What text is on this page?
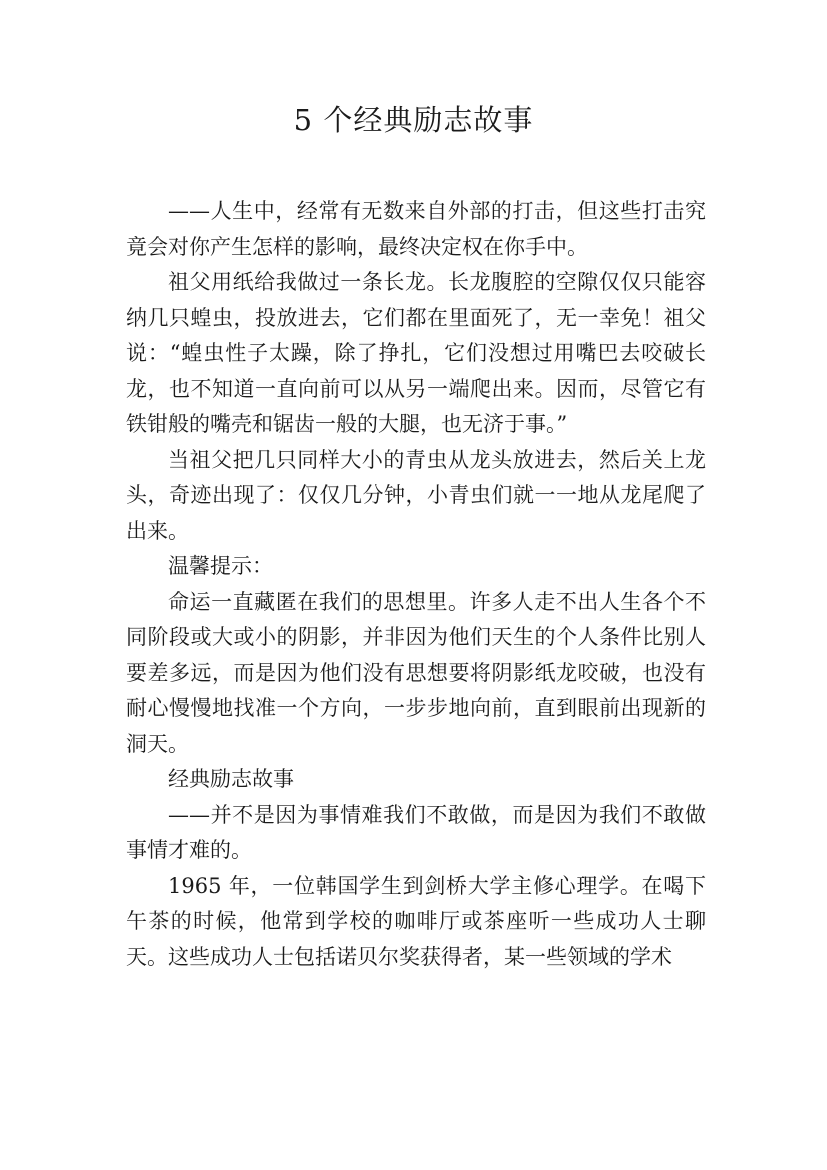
5 个经典励志故事

——人生中，经常有无数来自外部的打击，但这些打击究竟会对你产生怎样的影响，最终决定权在你手中。

祖父用纸给我做过一条长龙。长龙腹腔的空隙仅仅只能容纳几只蝗虫，投放进去，它们都在里面死了，无一幸免！祖父说：“蝗虫性子太躁，除了挣扎，它们没想过用嘴巴去咬破长龙，也不知道一直向前可以从另一端爬出来。因而，尽管它有铁钳般的嘴壳和锯齿一般的大腿，也无济于事。”

当祖父把几只同样大小的青虫从龙头放进去，然后关上龙头，奇迹出现了：仅仅几分钟，小青虫们就一一地从龙尾爬了出来。

温馨提示：

命运一直藏匿在我们的思想里。许多人走不出人生各个不同阶段或大或小的阴影，并非因为他们天生的个人条件比别人要差多远，而是因为他们没有思想要将阴影纸龙咬破，也没有耐心慢慢地找准一个方向，一步步地向前，直到眼前出现新的洞天。

经典励志故事

——并不是因为事情难我们不敢做，而是因为我们不敢做事情才难的。

1965 年，一位韩国学生到剑桥大学主修心理学。在喝下午茶的时候，他常到学校的咖啡厅或茶座听一些成功人士聊天。这些成功人士包括诺贝尔奖获得者，某一些领域的学术
